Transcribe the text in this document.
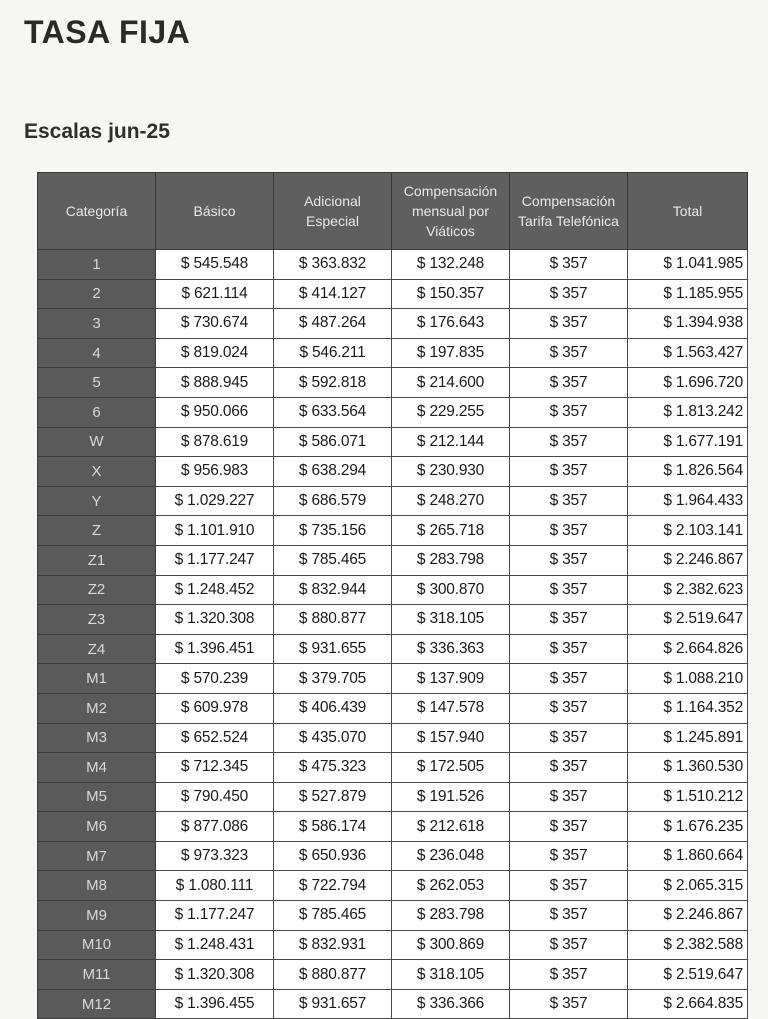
TASA FIJA
Escalas jun-25
Categoría	Básico	Adicional Especial	Compensación mensual por Viáticos	Compensación Tarifa Telefónica	Total
1	$ 545.548	$ 363.832	$ 132.248	$ 357	$ 1.041.985
2	$ 621.114	$ 414.127	$ 150.357	$ 357	$ 1.185.955
3	$ 730.674	$ 487.264	$ 176.643	$ 357	$ 1.394.938
4	$ 819.024	$ 546.211	$ 197.835	$ 357	$ 1.563.427
5	$ 888.945	$ 592.818	$ 214.600	$ 357	$ 1.696.720
6	$ 950.066	$ 633.564	$ 229.255	$ 357	$ 1.813.242
W	$ 878.619	$ 586.071	$ 212.144	$ 357	$ 1.677.191
X	$ 956.983	$ 638.294	$ 230.930	$ 357	$ 1.826.564
Y	$ 1.029.227	$ 686.579	$ 248.270	$ 357	$ 1.964.433
Z	$ 1.101.910	$ 735.156	$ 265.718	$ 357	$ 2.103.141
Z1	$ 1.177.247	$ 785.465	$ 283.798	$ 357	$ 2.246.867
Z2	$ 1.248.452	$ 832.944	$ 300.870	$ 357	$ 2.382.623
Z3	$ 1.320.308	$ 880.877	$ 318.105	$ 357	$ 2.519.647
Z4	$ 1.396.451	$ 931.655	$ 336.363	$ 357	$ 2.664.826
M1	$ 570.239	$ 379.705	$ 137.909	$ 357	$ 1.088.210
M2	$ 609.978	$ 406.439	$ 147.578	$ 357	$ 1.164.352
M3	$ 652.524	$ 435.070	$ 157.940	$ 357	$ 1.245.891
M4	$ 712.345	$ 475.323	$ 172.505	$ 357	$ 1.360.530
M5	$ 790.450	$ 527.879	$ 191.526	$ 357	$ 1.510.212
M6	$ 877.086	$ 586.174	$ 212.618	$ 357	$ 1.676.235
M7	$ 973.323	$ 650.936	$ 236.048	$ 357	$ 1.860.664
M8	$ 1.080.111	$ 722.794	$ 262.053	$ 357	$ 2.065.315
M9	$ 1.177.247	$ 785.465	$ 283.798	$ 357	$ 2.246.867
M10	$ 1.248.431	$ 832.931	$ 300.869	$ 357	$ 2.382.588
M11	$ 1.320.308	$ 880.877	$ 318.105	$ 357	$ 2.519.647
M12	$ 1.396.455	$ 931.657	$ 336.366	$ 357	$ 2.664.835
